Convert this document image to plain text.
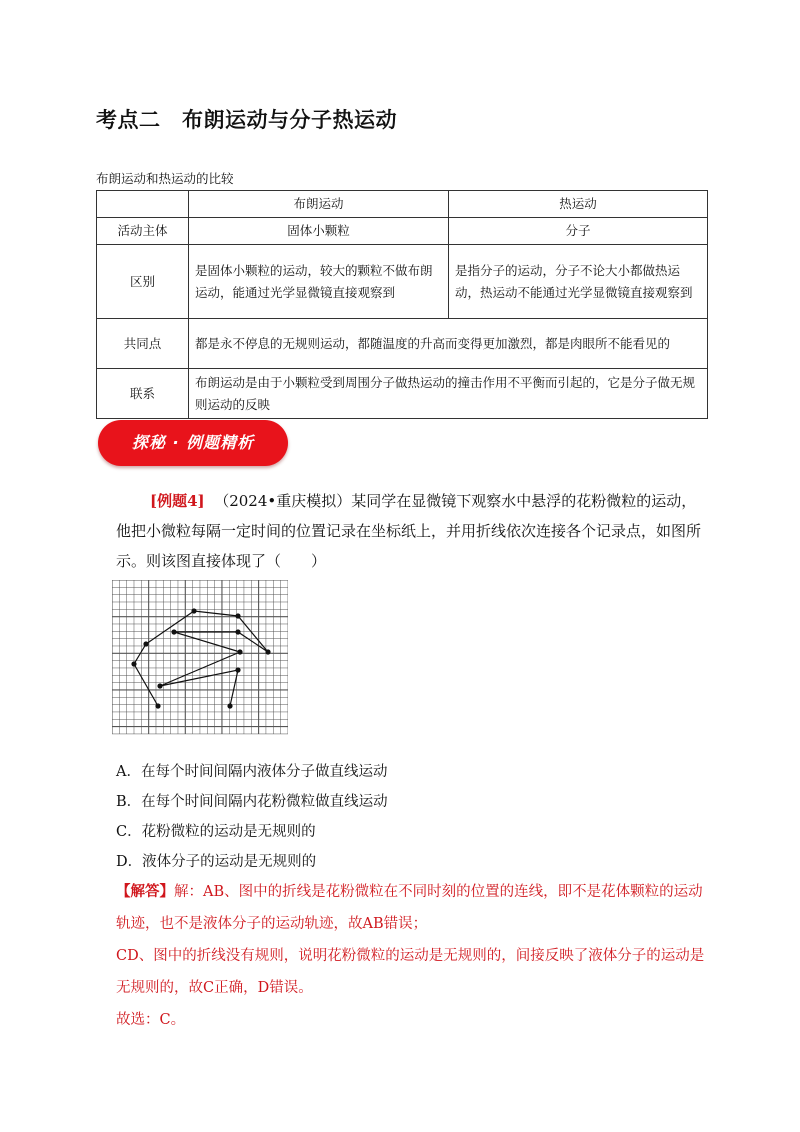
考点二　布朗运动与分子热运动
布朗运动和热运动的比较
	布朗运动	热运动
活动主体	固体小颗粒	分子
区别	是固体小颗粒的运动，较大的颗粒不做布朗运动，能通过光学显微镜直接观察到	是指分子的运动，分子不论大小都做热运动，热运动不能通过光学显微镜直接观察到
共同点	都是永不停息的无规则运动，都随温度的升高而变得更加激烈，都是肉眼所不能看见的	
联系	布朗运动是由于小颗粒受到周围分子做热运动的撞击作用不平衡而引起的，它是分子做无规则运动的反映	
探秘 · 例题精析
[例题4] （2024•重庆模拟）某同学在显微镜下观察水中悬浮的花粉微粒的运动，他把小微粒每隔一定时间的位置记录在坐标纸上，并用折线依次连接各个记录点，如图所示。则该图直接体现了（　　）
A．在每个时间间隔内液体分子做直线运动
B．在每个时间间隔内花粉微粒做直线运动
C．花粉微粒的运动是无规则的
D．液体分子的运动是无规则的
【解答】解：AB、图中的折线是花粉微粒在不同时刻的位置的连线，即不是花体颗粒的运动轨迹，也不是液体分子的运动轨迹，故AB错误；
CD、图中的折线没有规则，说明花粉微粒的运动是无规则的，间接反映了液体分子的运动是无规则的，故C正确，D错误。
故选：C。
